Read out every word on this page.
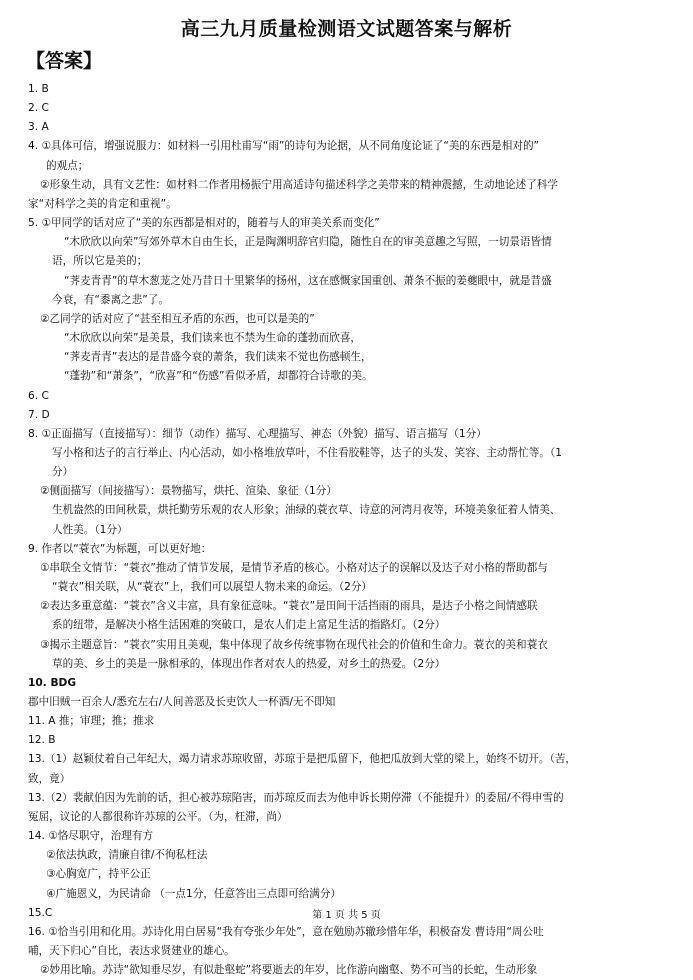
高三九月质量检测语文试题答案与解析
【答案】
1. B
2. C
3. A
4. ①具体可信，增强说服力：如材料一引用杜甫写“雨”的诗句为论据，从不同角度论证了“美的东西是相对的”
的观点；
②形象生动，具有文艺性：如材料二作者用杨振宁用高适诗句描述科学之美带来的精神震撼，生动地论述了科学
家“对科学之美的肯定和重视”。
5. ①甲同学的话对应了“美的东西都是相对的，随着与人的审美关系而变化”
“木欣欣以向荣”写郊外草木自由生长，正是陶渊明辞官归隐，随性自在的审美意趣之写照，一切景语皆情
语，所以它是美的；
“荠麦青青”的草木葱茏之处乃昔日十里繁华的扬州，这在感慨家国重创、萧条不振的姜夔眼中，就是昔盛
今衰，有“黍离之悲”了。
②乙同学的话对应了“甚至相互矛盾的东西，也可以是美的”
“木欣欣以向荣”是美景，我们读来也不禁为生命的蓬勃而欣喜，
“荠麦青青”表达的是昔盛今衰的萧条，我们读来不觉也伤感顿生，
“蓬勃”和“萧条”，“欣喜”和“伤感”看似矛盾，却都符合诗歌的美。
6. C
7. D
8. ①正面描写（直接描写）：细节（动作）描写、心理描写、神态（外貌）描写、语言描写（1分）
写小格和达子的言行举止、内心活动，如小格堆放草叶，不住看胶鞋等，达子的头发、笑容、主动帮忙等。（1
分）
②侧面描写（间接描写）：景物描写，烘托、渲染、象征（1分）
生机盎然的田间秋景，烘托勤劳乐观的农人形象；油绿的蓑衣草、诗意的河湾月夜等，环境美象征着人情美、
人性美。（1分）
9. 作者以“蓑衣”为标题，可以更好地：
①串联全文情节：“蓑衣”推动了情节发展，是情节矛盾的核心。小格对达子的误解以及达子对小格的帮助都与
“蓑衣”相关联，从“蓑衣”上，我们可以展望人物未来的命运。（2分）
②表达多重意蕴：“蓑衣”含义丰富，具有象征意味。“蓑衣”是田间干活挡雨的雨具，是达子小格之间情感联
系的纽带，是解决小格生活困难的突破口，是农人们走上富足生活的指路灯。（2分）
③揭示主题意旨：“蓑衣”实用且美观，集中体现了故乡传统事物在现代社会的价值和生命力。蓑衣的美和蓑衣
草的美、乡土的美是一脉相承的，体现出作者对农人的热爱，对乡土的热爱。（2分）
10. BDG
郡中旧贼一百余人/悉充左右/人间善恶及长吏饮人一杯酒/无不即知
11. A 推；审理；推；推求
12. B
13.（1）赵颖仗着自己年纪大，竭力请求苏琼收留，苏琼于是把瓜留下，他把瓜放到大堂的梁上，始终不切开。（苦，
致，竟）
13.（2）裴献伯因为先前的话，担心被苏琼陷害，而苏琼反而去为他申诉长期停滞（不能提升）的委屈/不得申雪的
冤屈，议论的人都很称许苏琼的公平。（为，枉滞，尚）
14. ①恪尽职守，治理有方
②依法执政，清廉自律/不徇私枉法
③心胸宽广，持平公正
④广施恩义，为民请命 （一点1分，任意答出三点即可给满分）
15.C
16. ①恰当引用和化用。苏诗化用白居易“我有夸张少年处”，意在勉励苏辙珍惜年华，积极奋发 曹诗用“周公吐
哺，天下归心”自比，表达求贤建业的雄心。
②妙用比喻。苏诗“欲知垂尽岁，有似赴壑蛇”将要逝去的年岁，比作游向幽壑、势不可当的长蛇，生动形象
第 1 页 共 5 页
